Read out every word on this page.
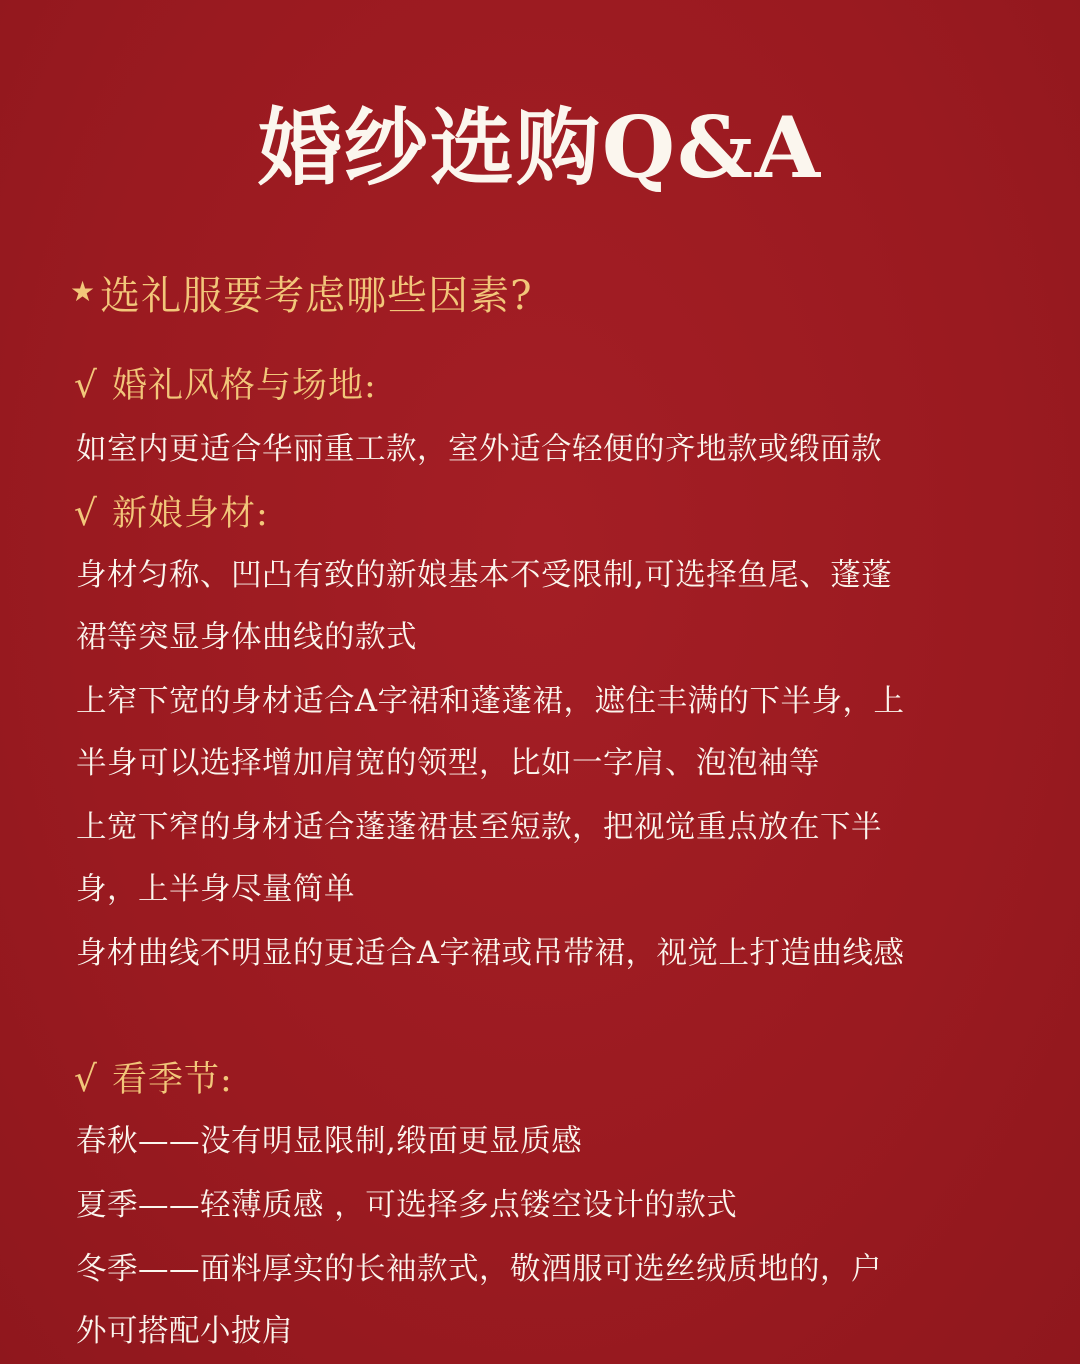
婚纱选购Q&A
★ 选礼服要考虑哪些因素?
√ 婚礼风格与场地:
如室内更适合华丽重工款，室外适合轻便的齐地款或缎面款
√ 新娘身材:
身材匀称、凹凸有致的新娘基本不受限制,可选择鱼尾、蓬蓬
裙等突显身体曲线的款式
上窄下宽的身材适合A字裙和蓬蓬裙，遮住丰满的下半身，上
半身可以选择增加肩宽的领型，比如一字肩、泡泡袖等
上宽下窄的身材适合蓬蓬裙甚至短款，把视觉重点放在下半
身，上半身尽量简单
身材曲线不明显的更适合A字裙或吊带裙，视觉上打造曲线感
√ 看季节:
春秋——没有明显限制,缎面更显质感
夏季——轻薄质感 ，可选择多点镂空设计的款式
冬季——面料厚实的长袖款式，敬酒服可选丝绒质地的，户
外可搭配小披肩
